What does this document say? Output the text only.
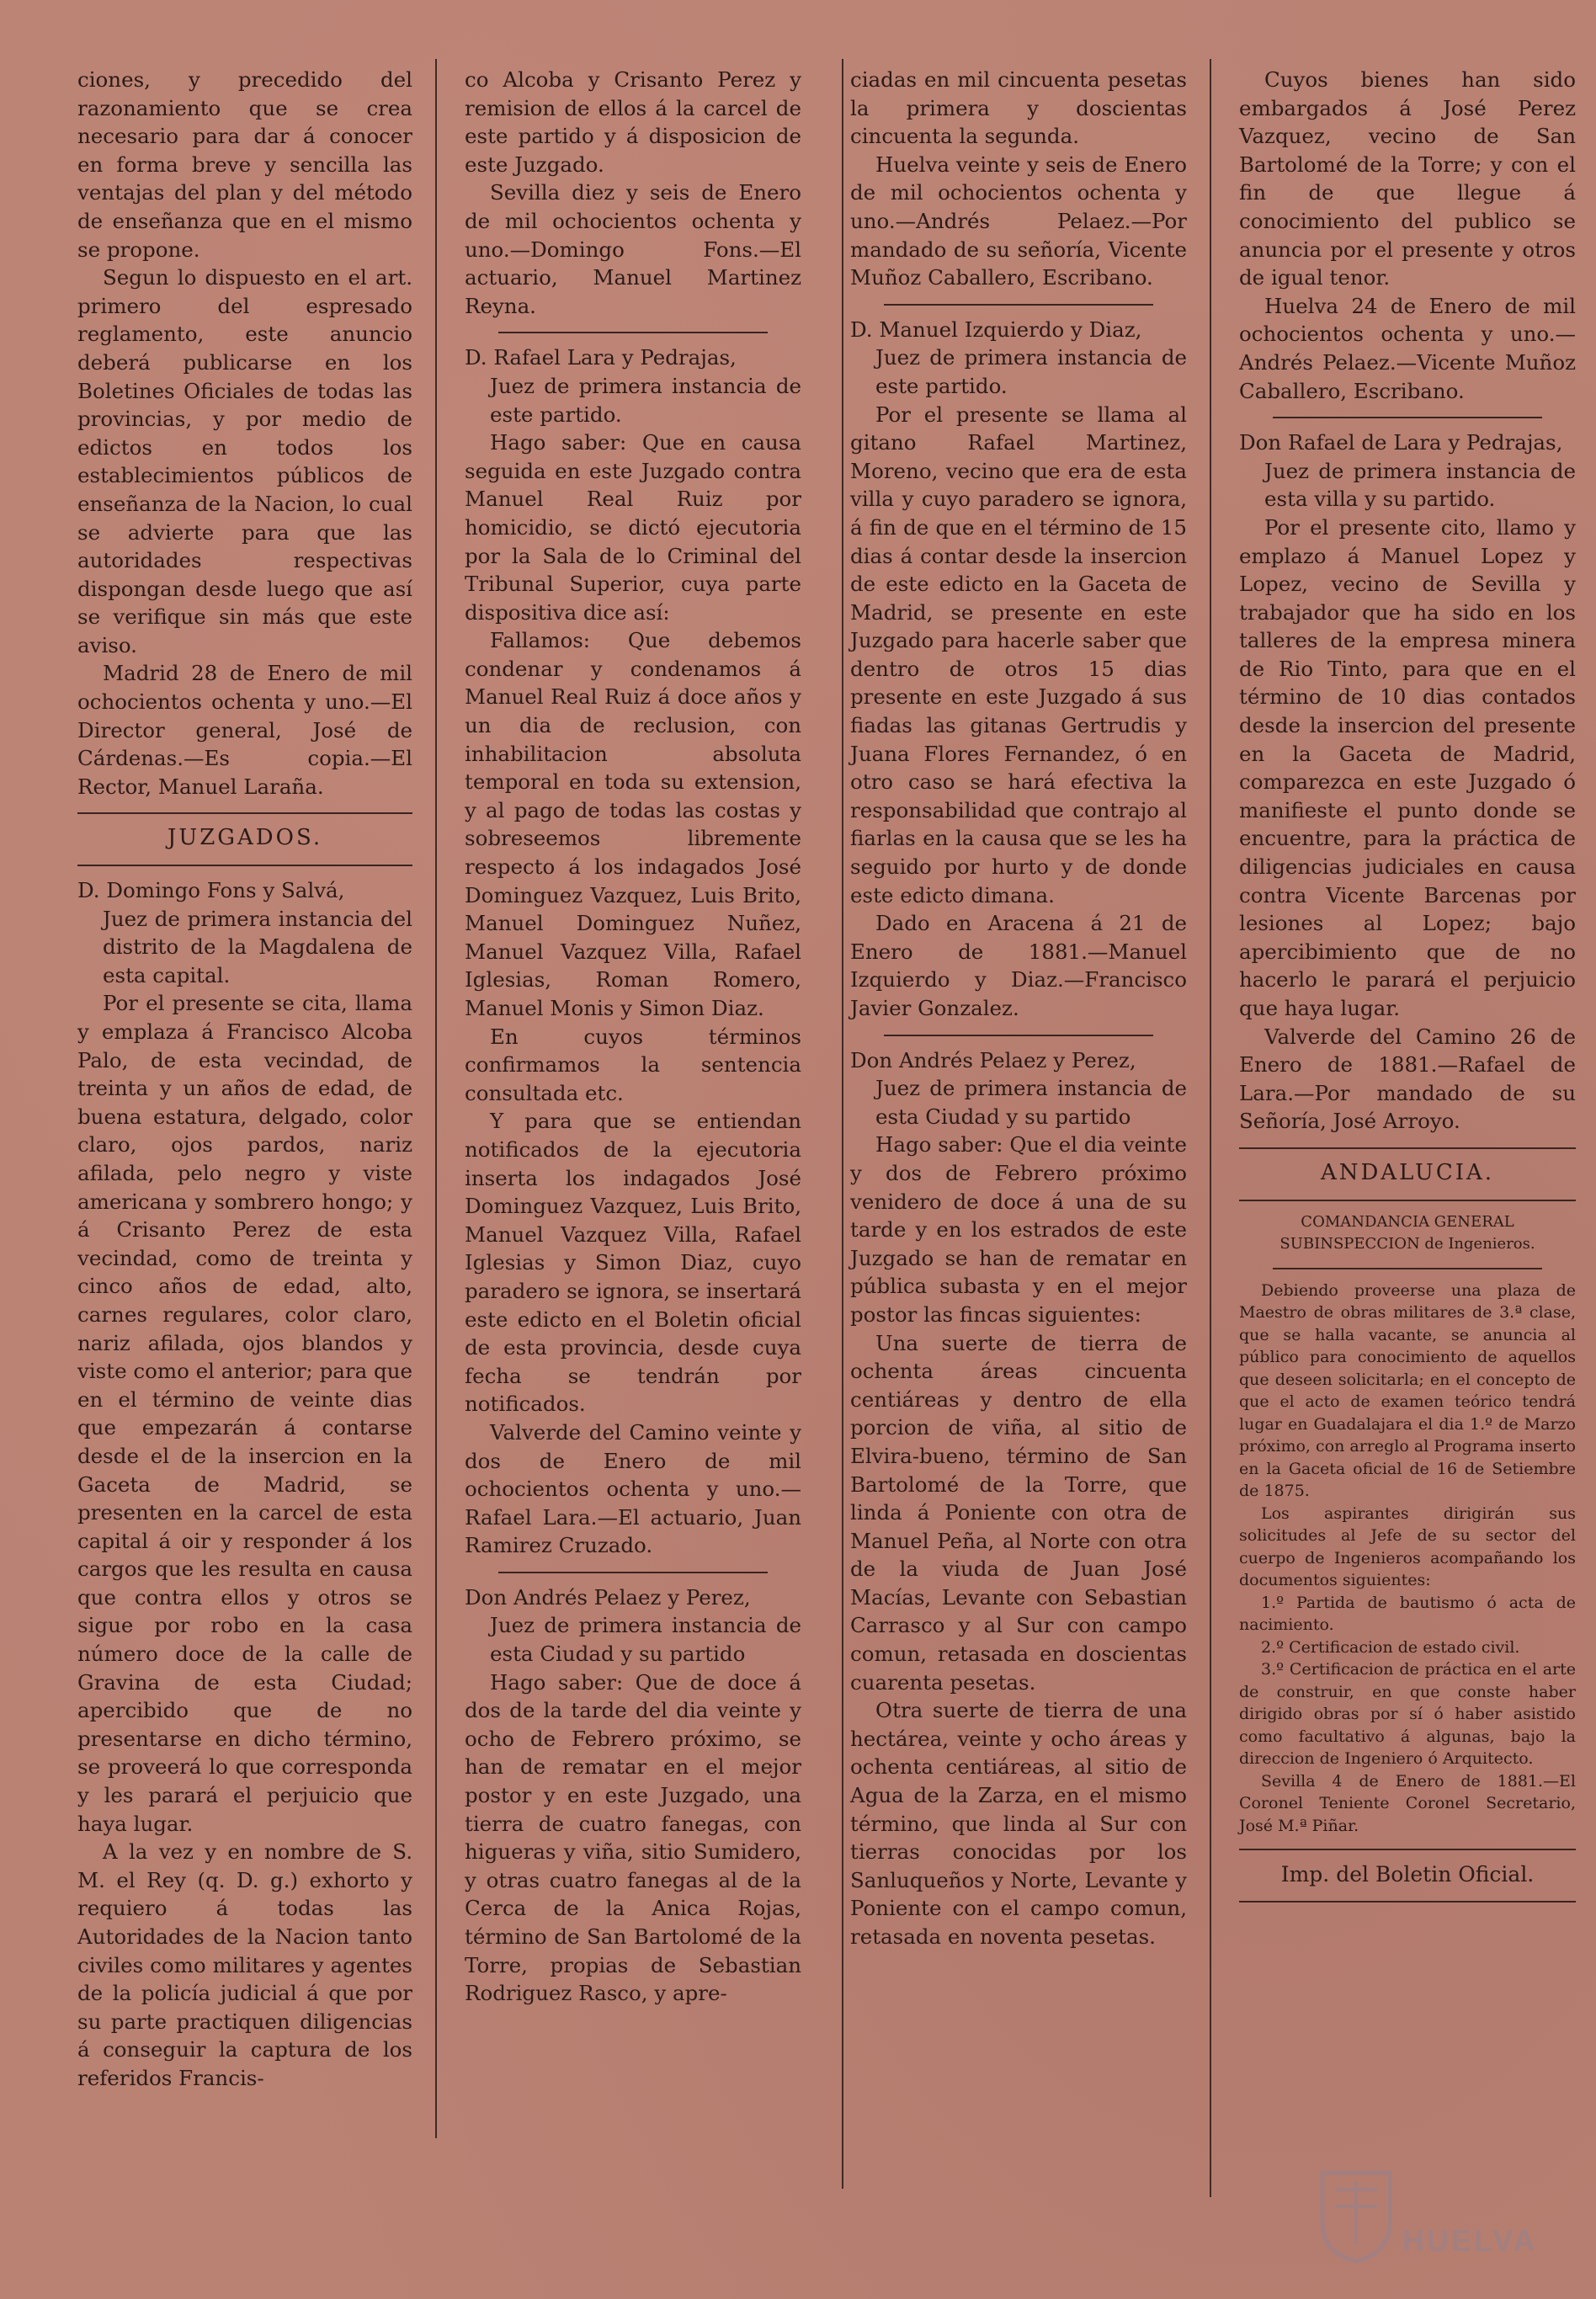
ciones, y precedido del razonamiento que se crea necesario para dar á conocer en forma breve y sencilla las ventajas del plan y del método de enseñanza que en el mismo se propone.

Segun lo dispuesto en el art. primero del espresado reglamento, este anuncio deberá publicarse en los Boletines Oficiales de todas las provincias, y por medio de edictos en todos los establecimientos públicos de enseñanza de la Nacion, lo cual se advierte para que las autoridades respectivas dispongan desde luego que así se verifique sin más que este aviso.

Madrid 28 de Enero de mil ochocientos ochenta y uno.—El Director general, José de Cárdenas.—Es copia.—El Rector, Manuel Laraña.

JUZGADOS.

D. Domingo Fons y Salvá,

Juez de primera instancia del distrito de la Magdalena de esta capital.

Por el presente se cita, llama y emplaza á Francisco Alcoba Palo, de esta vecindad, de treinta y un años de edad, de buena estatura, delgado, color claro, ojos pardos, nariz afilada, pelo negro y viste americana y sombrero hongo; y á Crisanto Perez de esta vecindad, como de treinta y cinco años de edad, alto, carnes regulares, color claro, nariz afilada, ojos blandos y viste como el anterior; para que en el término de veinte dias que empezarán á contarse desde el de la insercion en la Gaceta de Madrid, se presenten en la carcel de esta capital á oir y responder á los cargos que les resulta en causa que contra ellos y otros se sigue por robo en la casa número doce de la calle de Gravina de esta Ciudad; apercibido que de no presentarse en dicho término, se proveerá lo que corresponda y les parará el perjuicio que haya lugar.

A la vez y en nombre de S. M. el Rey (q. D. g.) exhorto y requiero á todas las Autoridades de la Nacion tanto civiles como militares y agentes de la policía judicial á que por su parte practiquen diligencias á conseguir la captura de los referidos Francis-

co Alcoba y Crisanto Perez y remision de ellos á la carcel de este partido y á disposicion de este Juzgado.

Sevilla diez y seis de Enero de mil ochocientos ochenta y uno.—Domingo Fons.—El actuario, Manuel Martinez Reyna.

D. Rafael Lara y Pedrajas,

Juez de primera instancia de este partido.

Hago saber: Que en causa seguida en este Juzgado contra Manuel Real Ruiz por homicidio, se dictó ejecutoria por la Sala de lo Criminal del Tribunal Superior, cuya parte dispositiva dice así:

Fallamos: Que debemos condenar y condenamos á Manuel Real Ruiz á doce años y un dia de reclusion, con inhabilitacion absoluta temporal en toda su extension, y al pago de todas las costas y sobreseemos libremente respecto á los indagados José Dominguez Vazquez, Luis Brito, Manuel Dominguez Nuñez, Manuel Vazquez Villa, Rafael Iglesias, Roman Romero, Manuel Monis y Simon Diaz.

En cuyos términos confirmamos la sentencia consultada etc.

Y para que se entiendan notificados de la ejecutoria inserta los indagados José Dominguez Vazquez, Luis Brito, Manuel Vazquez Villa, Rafael Iglesias y Simon Diaz, cuyo paradero se ignora, se insertará este edicto en el Boletin oficial de esta provincia, desde cuya fecha se tendrán por notificados.

Valverde del Camino veinte y dos de Enero de mil ochocientos ochenta y uno.—Rafael Lara.—El actuario, Juan Ramirez Cruzado.

Don Andrés Pelaez y Perez,

Juez de primera instancia de esta Ciudad y su partido

Hago saber: Que de doce á dos de la tarde del dia veinte y ocho de Febrero próximo, se han de rematar en el mejor postor y en este Juzgado, una tierra de cuatro fanegas, con higueras y viña, sitio Sumidero, y otras cuatro fanegas al de la Cerca de la Anica Rojas, término de San Bartolomé de la Torre, propias de Sebastian Rodriguez Rasco, y apre-

ciadas en mil cincuenta pesetas la primera y doscientas cincuenta la segunda.

Huelva veinte y seis de Enero de mil ochocientos ochenta y uno.—Andrés Pelaez.—Por mandado de su señoría, Vicente Muñoz Caballero, Escribano.

D. Manuel Izquierdo y Diaz,

Juez de primera instancia de este partido.

Por el presente se llama al gitano Rafael Martinez, Moreno, vecino que era de esta villa y cuyo paradero se ignora, á fin de que en el término de 15 dias á contar desde la insercion de este edicto en la Gaceta de Madrid, se presente en este Juzgado para hacerle saber que dentro de otros 15 dias presente en este Juzgado á sus fiadas las gitanas Gertrudis y Juana Flores Fernandez, ó en otro caso se hará efectiva la responsabilidad que contrajo al fiarlas en la causa que se les ha seguido por hurto y de donde este edicto dimana.

Dado en Aracena á 21 de Enero de 1881.—Manuel Izquierdo y Diaz.—Francisco Javier Gonzalez.

Don Andrés Pelaez y Perez,

Juez de primera instancia de esta Ciudad y su partido

Hago saber: Que el dia veinte y dos de Febrero próximo venidero de doce á una de su tarde y en los estrados de este Juzgado se han de rematar en pública subasta y en el mejor postor las fincas siguientes:

Una suerte de tierra de ochenta áreas cincuenta centiáreas y dentro de ella porcion de viña, al sitio de Elvira-bueno, término de San Bartolomé de la Torre, que linda á Poniente con otra de Manuel Peña, al Norte con otra de la viuda de Juan José Macías, Levante con Sebastian Carrasco y al Sur con campo comun, retasada en doscientas cuarenta pesetas.

Otra suerte de tierra de una hectárea, veinte y ocho áreas y ochenta centiáreas, al sitio de Agua de la Zarza, en el mismo término, que linda al Sur con tierras conocidas por los Sanluqueños y Norte, Levante y Poniente con el campo comun, retasada en noventa pesetas.

Cuyos bienes han sido embargados á José Perez Vazquez, vecino de San Bartolomé de la Torre; y con el fin de que llegue á conocimiento del publico se anuncia por el presente y otros de igual tenor.

Huelva 24 de Enero de mil ochocientos ochenta y uno.—Andrés Pelaez.—Vicente Muñoz Caballero, Escribano.

Don Rafael de Lara y Pedrajas,

Juez de primera instancia de esta villa y su partido.

Por el presente cito, llamo y emplazo á Manuel Lopez y Lopez, vecino de Sevilla y trabajador que ha sido en los talleres de la empresa minera de Rio Tinto, para que en el término de 10 dias contados desde la insercion del presente en la Gaceta de Madrid, comparezca en este Juzgado ó manifieste el punto donde se encuentre, para la práctica de diligencias judiciales en causa contra Vicente Barcenas por lesiones al Lopez; bajo apercibimiento que de no hacerlo le parará el perjuicio que haya lugar.

Valverde del Camino 26 de Enero de 1881.—Rafael de Lara.—Por mandado de su Señoría, José Arroyo.

ANDALUCIA.

COMANDANCIA GENERAL SUBINSPECCION de Ingenieros.

Debiendo proveerse una plaza de Maestro de obras militares de 3.ª clase, que se halla vacante, se anuncia al público para conocimiento de aquellos que deseen solicitarla; en el concepto de que el acto de examen teórico tendrá lugar en Guadalajara el dia 1.º de Marzo próximo, con arreglo al Programa inserto en la Gaceta oficial de 16 de Setiembre de 1875.

Los aspirantes dirigirán sus solicitudes al Jefe de su sector del cuerpo de Ingenieros acompañando los documentos siguientes:

1.º Partida de bautismo ó acta de nacimiento.

2.º Certificacion de estado civil.

3.º Certificacion de práctica en el arte de construir, en que conste haber dirigido obras por sí ó haber asistido como facultativo á algunas, bajo la direccion de Ingeniero ó Arquitecto.

Sevilla 4 de Enero de 1881.—El Coronel Teniente Coronel Secretario, José M.ª Piñar.

Imp. del Boletin Oficial.

HUELVA
